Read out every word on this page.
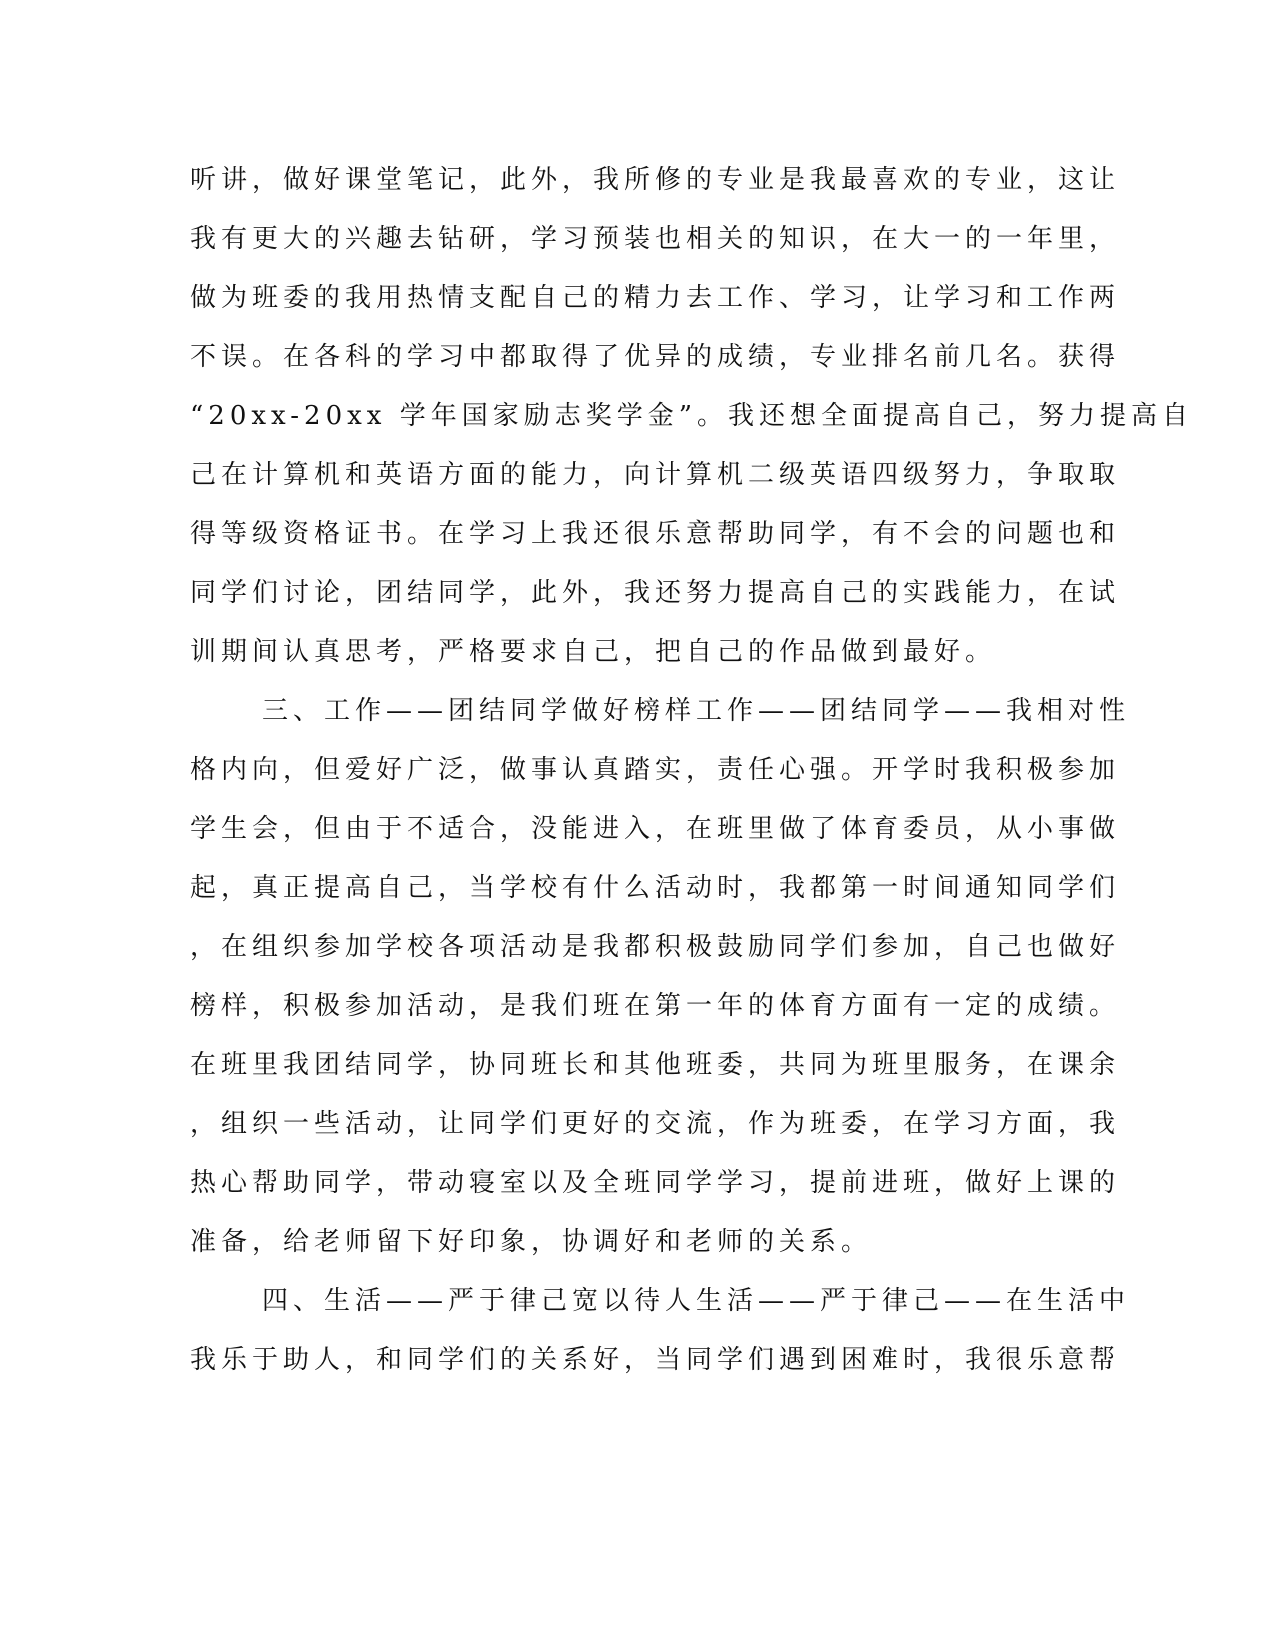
听讲，做好课堂笔记，此外，我所修的专业是我最喜欢的专业，这让
我有更大的兴趣去钻研，学习预装也相关的知识，在大一的一年里，
做为班委的我用热情支配自己的精力去工作、学习，让学习和工作两
不误。在各科的学习中都取得了优异的成绩，专业排名前几名。获得
“20xx-20xx 学年国家励志奖学金”。我还想全面提高自己，努力提高自
己在计算机和英语方面的能力，向计算机二级英语四级努力，争取取
得等级资格证书。在学习上我还很乐意帮助同学，有不会的问题也和
同学们讨论，团结同学，此外，我还努力提高自己的实践能力，在试
训期间认真思考，严格要求自己，把自己的作品做到最好。
三、工作——团结同学做好榜样工作——团结同学——我相对性
格内向，但爱好广泛，做事认真踏实，责任心强。开学时我积极参加
学生会，但由于不适合，没能进入，在班里做了体育委员，从小事做
起，真正提高自己，当学校有什么活动时，我都第一时间通知同学们
，在组织参加学校各项活动是我都积极鼓励同学们参加，自己也做好
榜样，积极参加活动，是我们班在第一年的体育方面有一定的成绩。
在班里我团结同学，协同班长和其他班委，共同为班里服务，在课余
，组织一些活动，让同学们更好的交流，作为班委，在学习方面，我
热心帮助同学，带动寝室以及全班同学学习，提前进班，做好上课的
准备，给老师留下好印象，协调好和老师的关系。
四、生活——严于律己宽以待人生活——严于律己——在生活中
我乐于助人，和同学们的关系好，当同学们遇到困难时，我很乐意帮
